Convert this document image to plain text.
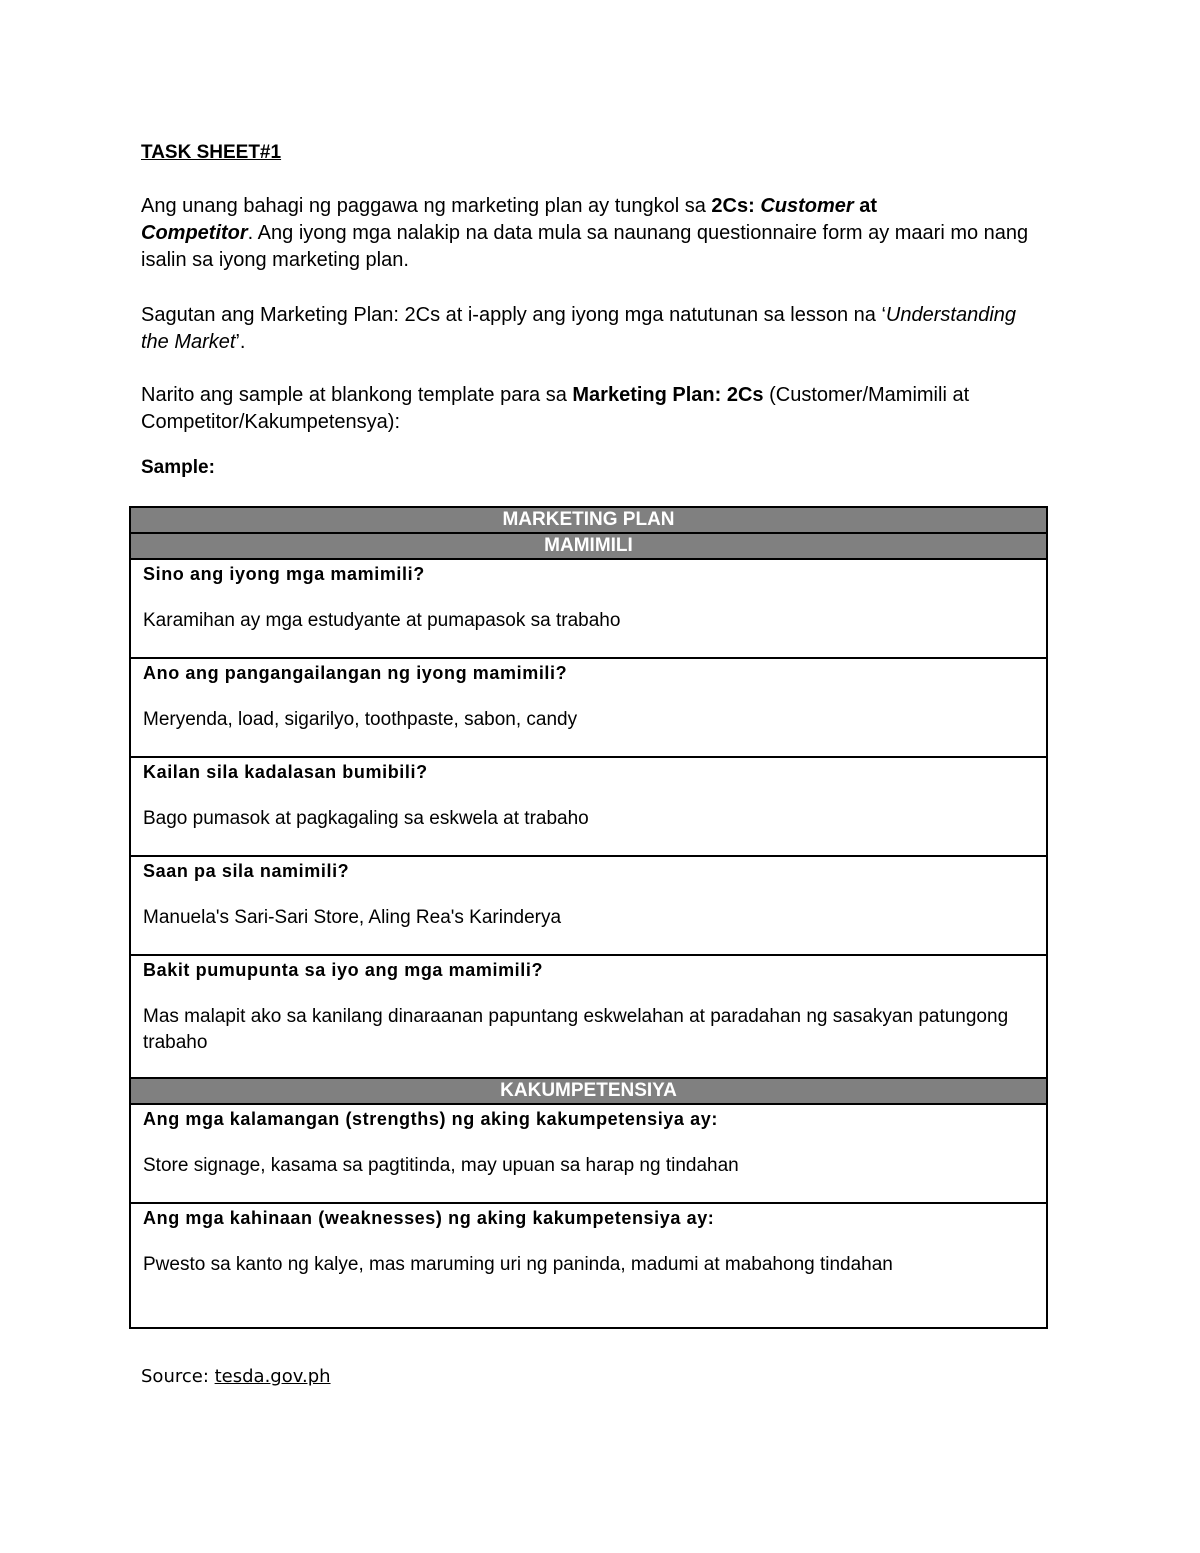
TASK SHEET#1
Ang unang bahagi ng paggawa ng marketing plan ay tungkol sa 2Cs: Customer at
Competitor. Ang iyong mga nalakip na data mula sa naunang questionnaire form ay maari mo nang isalin sa iyong marketing plan.
Sagutan ang Marketing Plan: 2Cs at i-apply ang iyong mga natutunan sa lesson na ‘Understanding the Market’.
Narito ang sample at blankong template para sa Marketing Plan: 2Cs (Customer/Mamimili at Competitor/Kakumpetensya):
Sample:
MARKETING PLAN
MAMIMILI

Sino ang iyong mga mamimili?
Karamihan ay mga estudyante at pumapasok sa trabaho

Ano ang pangangailangan ng iyong mamimili?
Meryenda, load, sigarilyo, toothpaste, sabon, candy

Kailan sila kadalasan bumibili?
Bago pumasok at pagkagaling sa eskwela at trabaho

Saan pa sila namimili?
Manuela's Sari-Sari Store, Aling Rea's Karinderya

Bakit pumupunta sa iyo ang mga mamimili?
Mas malapit ako sa kanilang dinaraanan papuntang eskwelahan at paradahan ng sasakyan patungong trabaho

KAKUMPETENSIYA

Ang mga kalamangan (strengths) ng aking kakumpetensiya ay:
Store signage, kasama sa pagtitinda, may upuan sa harap ng tindahan

Ang mga kahinaan (weaknesses) ng aking kakumpetensiya ay:
Pwesto sa kanto ng kalye, mas maruming uri ng paninda, madumi at mabahong tindahan
Source: tesda.gov.ph
